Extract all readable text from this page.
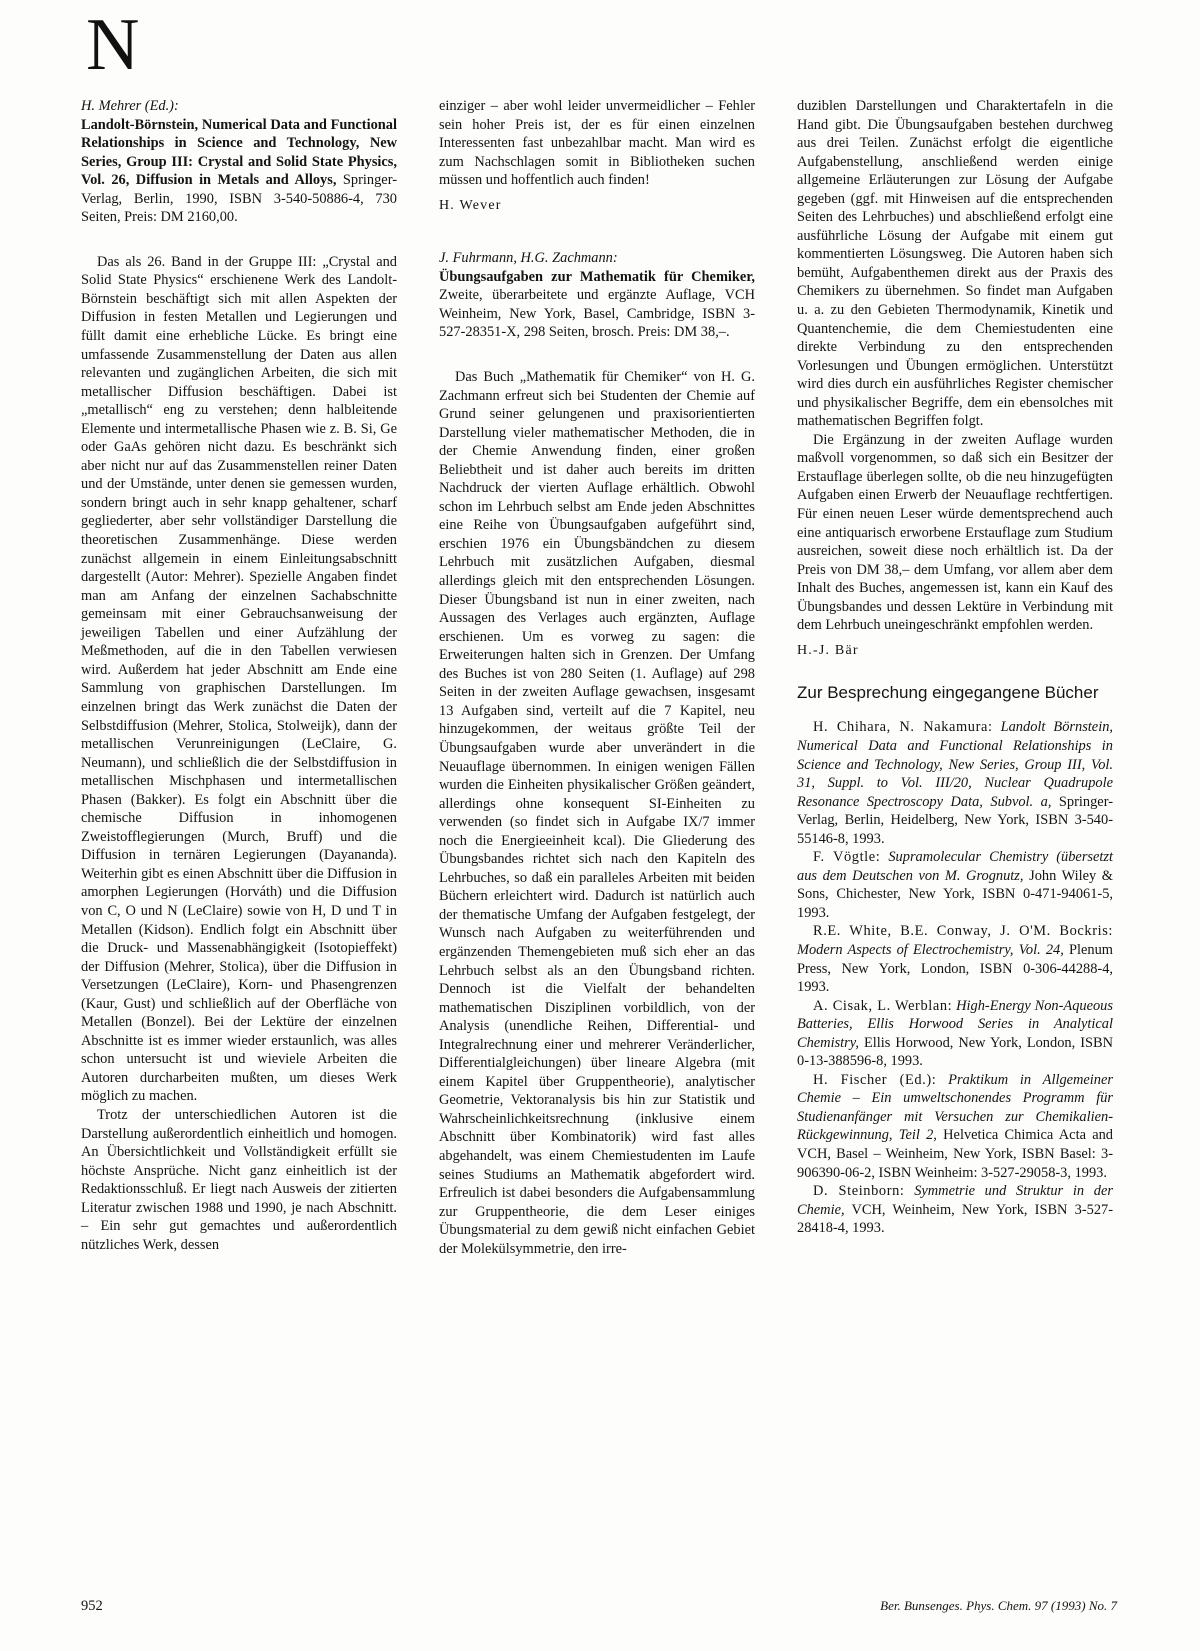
N
H. Mehrer (Ed.):
Landolt-Börnstein, Numerical Data and Functional Relationships in Science and Technology, New Series, Group III: Crystal and Solid State Physics, Vol. 26, Diffusion in Metals and Alloys, Springer-Verlag, Berlin, 1990, ISBN 3-540-50886-4, 730 Seiten, Preis: DM 2160,00.

Das als 26. Band in der Gruppe III: „Crystal and Solid State Physics“ erschienene Werk des Landolt-Börnstein beschäftigt sich mit allen Aspekten der Diffusion in festen Metallen und Legierungen und füllt damit eine erhebliche Lücke. Es bringt eine umfassende Zusammenstellung der Daten aus allen relevanten und zugänglichen Arbeiten, die sich mit metallischer Diffusion beschäftigen. Dabei ist „metallisch“ eng zu verstehen; denn halbleitende Elemente und intermetallische Phasen wie z. B. Si, Ge oder GaAs gehören nicht dazu. Es beschränkt sich aber nicht nur auf das Zusammenstellen reiner Daten und der Umstände, unter denen sie gemessen wurden, sondern bringt auch in sehr knapp gehaltener, scharf gegliederter, aber sehr vollständiger Darstellung die theoretischen Zusammenhänge. Diese werden zunächst allgemein in einem Einleitungsabschnitt dargestellt (Autor: Mehrer). Spezielle Angaben findet man am Anfang der einzelnen Sachabschnitte gemeinsam mit einer Gebrauchsanweisung der jeweiligen Tabellen und einer Aufzählung der Meßmethoden, auf die in den Tabellen verwiesen wird. Außerdem hat jeder Abschnitt am Ende eine Sammlung von graphischen Darstellungen. Im einzelnen bringt das Werk zunächst die Daten der Selbstdiffusion (Mehrer, Stolica, Stolweijk), dann der metallischen Verunreinigungen (LeClaire, G. Neumann), und schließlich die der Selbstdiffusion in metallischen Mischphasen und intermetallischen Phasen (Bakker). Es folgt ein Abschnitt über die chemische Diffusion in inhomogenen Zweistofflegierungen (Murch, Bruff) und die Diffusion in ternären Legierungen (Dayananda). Weiterhin gibt es einen Abschnitt über die Diffusion in amorphen Legierungen (Horváth) und die Diffusion von C, O und N (LeClaire) sowie von H, D und T in Metallen (Kidson). Endlich folgt ein Abschnitt über die Druck- und Massenabhängigkeit (Isotopieffekt) der Diffusion (Mehrer, Stolica), über die Diffusion in Versetzungen (LeClaire), Korn- und Phasengrenzen (Kaur, Gust) und schließlich auf der Oberfläche von Metallen (Bonzel). Bei der Lektüre der einzelnen Abschnitte ist es immer wieder erstaunlich, was alles schon untersucht ist und wieviele Arbeiten die Autoren durcharbeiten mußten, um dieses Werk möglich zu machen.

Trotz der unterschiedlichen Autoren ist die Darstellung außerordentlich einheitlich und homogen. An Übersichtlichkeit und Vollständigkeit erfüllt sie höchste Ansprüche. Nicht ganz einheitlich ist der Redaktionsschluß. Er liegt nach Ausweis der zitierten Literatur zwischen 1988 und 1990, je nach Abschnitt. – Ein sehr gut gemachtes und außerordentlich nützliches Werk, dessen

einziger – aber wohl leider unvermeidlicher – Fehler sein hoher Preis ist, der es für einen einzelnen Interessenten fast unbezahlbar macht. Man wird es zum Nachschlagen somit in Bibliotheken suchen müssen und hoffentlich auch finden!

H. Wever
J. Fuhrmann, H.G. Zachmann:
Übungsaufgaben zur Mathematik für Chemiker, Zweite, überarbeitete und ergänzte Auflage, VCH Weinheim, New York, Basel, Cambridge, ISBN 3-527-28351-X, 298 Seiten, brosch. Preis: DM 38,–.

Das Buch „Mathematik für Chemiker“ von H. G. Zachmann erfreut sich bei Studenten der Chemie auf Grund seiner gelungenen und praxisorientierten Darstellung vieler mathematischer Methoden, die in der Chemie Anwendung finden, einer großen Beliebtheit und ist daher auch bereits im dritten Nachdruck der vierten Auflage erhältlich. Obwohl schon im Lehrbuch selbst am Ende jeden Abschnittes eine Reihe von Übungsaufgaben aufgeführt sind, erschien 1976 ein Übungsbändchen zu diesem Lehrbuch mit zusätzlichen Aufgaben, diesmal allerdings gleich mit den entsprechenden Lösungen. Dieser Übungsband ist nun in einer zweiten, nach Aussagen des Verlages auch ergänzten, Auflage erschienen. Um es vorweg zu sagen: die Erweiterungen halten sich in Grenzen. Der Umfang des Buches ist von 280 Seiten (1. Auflage) auf 298 Seiten in der zweiten Auflage gewachsen, insgesamt 13 Aufgaben sind, verteilt auf die 7 Kapitel, neu hinzugekommen, der weitaus größte Teil der Übungsaufgaben wurde aber unverändert in die Neuauflage übernommen. In einigen wenigen Fällen wurden die Einheiten physikalischer Größen geändert, allerdings ohne konsequent SI-Einheiten zu verwenden (so findet sich in Aufgabe IX/7 immer noch die Energieeinheit kcal). Die Gliederung des Übungsbandes richtet sich nach den Kapiteln des Lehrbuches, so daß ein paralleles Arbeiten mit beiden Büchern erleichtert wird. Dadurch ist natürlich auch der thematische Umfang der Aufgaben festgelegt, der Wunsch nach Aufgaben zu weiterführenden und ergänzenden Themengebieten muß sich eher an das Lehrbuch selbst als an den Übungsband richten. Dennoch ist die Vielfalt der behandelten mathematischen Disziplinen vorbildlich, von der Analysis (unendliche Reihen, Differential- und Integralrechnung einer und mehrerer Veränderlicher, Differentialgleichungen) über lineare Algebra (mit einem Kapitel über Gruppentheorie), analytischer Geometrie, Vektoranalysis bis hin zur Statistik und Wahrscheinlichkeitsrechnung (inklusive einem Abschnitt über Kombinatorik) wird fast alles abgehandelt, was einem Chemiestudenten im Laufe seines Studiums an Mathematik abgefordert wird. Erfreulich ist dabei besonders die Aufgabensammlung zur Gruppentheorie, die dem Leser einiges Übungsmaterial zu dem gewiß nicht einfachen Gebiet der Molekülsymmetrie, den irre-

duziblen Darstellungen und Charaktertafeln in die Hand gibt. Die Übungsaufgaben bestehen durchweg aus drei Teilen. Zunächst erfolgt die eigentliche Aufgabenstellung, anschließend werden einige allgemeine Erläuterungen zur Lösung der Aufgabe gegeben (ggf. mit Hinweisen auf die entsprechenden Seiten des Lehrbuches) und abschließend erfolgt eine ausführliche Lösung der Aufgabe mit einem gut kommentierten Lösungsweg. Die Autoren haben sich bemüht, Aufgabenthemen direkt aus der Praxis des Chemikers zu übernehmen. So findet man Aufgaben u. a. zu den Gebieten Thermodynamik, Kinetik und Quantenchemie, die dem Chemiestudenten eine direkte Verbindung zu den entsprechenden Vorlesungen und Übungen ermöglichen. Unterstützt wird dies durch ein ausführliches Register chemischer und physikalischer Begriffe, dem ein ebensolches mit mathematischen Begriffen folgt.

Die Ergänzung in der zweiten Auflage wurden maßvoll vorgenommen, so daß sich ein Besitzer der Erstauflage überlegen sollte, ob die neu hinzugefügten Aufgaben einen Erwerb der Neuauflage rechtfertigen. Für einen neuen Leser würde dementsprechend auch eine antiquarisch erworbene Erstauflage zum Studium ausreichen, soweit diese noch erhältlich ist. Da der Preis von DM 38,– dem Umfang, vor allem aber dem Inhalt des Buches, angemessen ist, kann ein Kauf des Übungsbandes und dessen Lektüre in Verbindung mit dem Lehrbuch uneingeschränkt empfohlen werden.

H.-J. Bär
Zur Besprechung eingegangene Bücher

H. Chihara, N. Nakamura: Landolt Börnstein, Numerical Data and Functional Relationships in Science and Technology, New Series, Group III, Vol. 31, Suppl. to Vol. III/20, Nuclear Quadrupole Resonance Spectroscopy Data, Subvol. a, Springer-Verlag, Berlin, Heidelberg, New York, ISBN 3-540-55146-8, 1993.

F. Vögtle: Supramolecular Chemistry (übersetzt aus dem Deutschen von M. Grognutz, John Wiley & Sons, Chichester, New York, ISBN 0-471-94061-5, 1993.

R.E. White, B.E. Conway, J. O'M. Bockris: Modern Aspects of Electrochemistry, Vol. 24, Plenum Press, New York, London, ISBN 0-306-44288-4, 1993.

A. Cisak, L. Werblan: High-Energy Non-Aqueous Batteries, Ellis Horwood Series in Analytical Chemistry, Ellis Horwood, New York, London, ISBN 0-13-388596-8, 1993.

H. Fischer (Ed.): Praktikum in Allgemeiner Chemie – Ein umweltschonendes Programm für Studienanfänger mit Versuchen zur Chemikalien-Rückgewinnung, Teil 2, Helvetica Chimica Acta and VCH, Basel – Weinheim, New York, ISBN Basel: 3-906390-06-2, ISBN Weinheim: 3-527-29058-3, 1993.

D. Steinborn: Symmetrie und Struktur in der Chemie, VCH, Weinheim, New York, ISBN 3-527-28418-4, 1993.

952	Ber. Bunsenges. Phys. Chem. 97 (1993) No. 7
